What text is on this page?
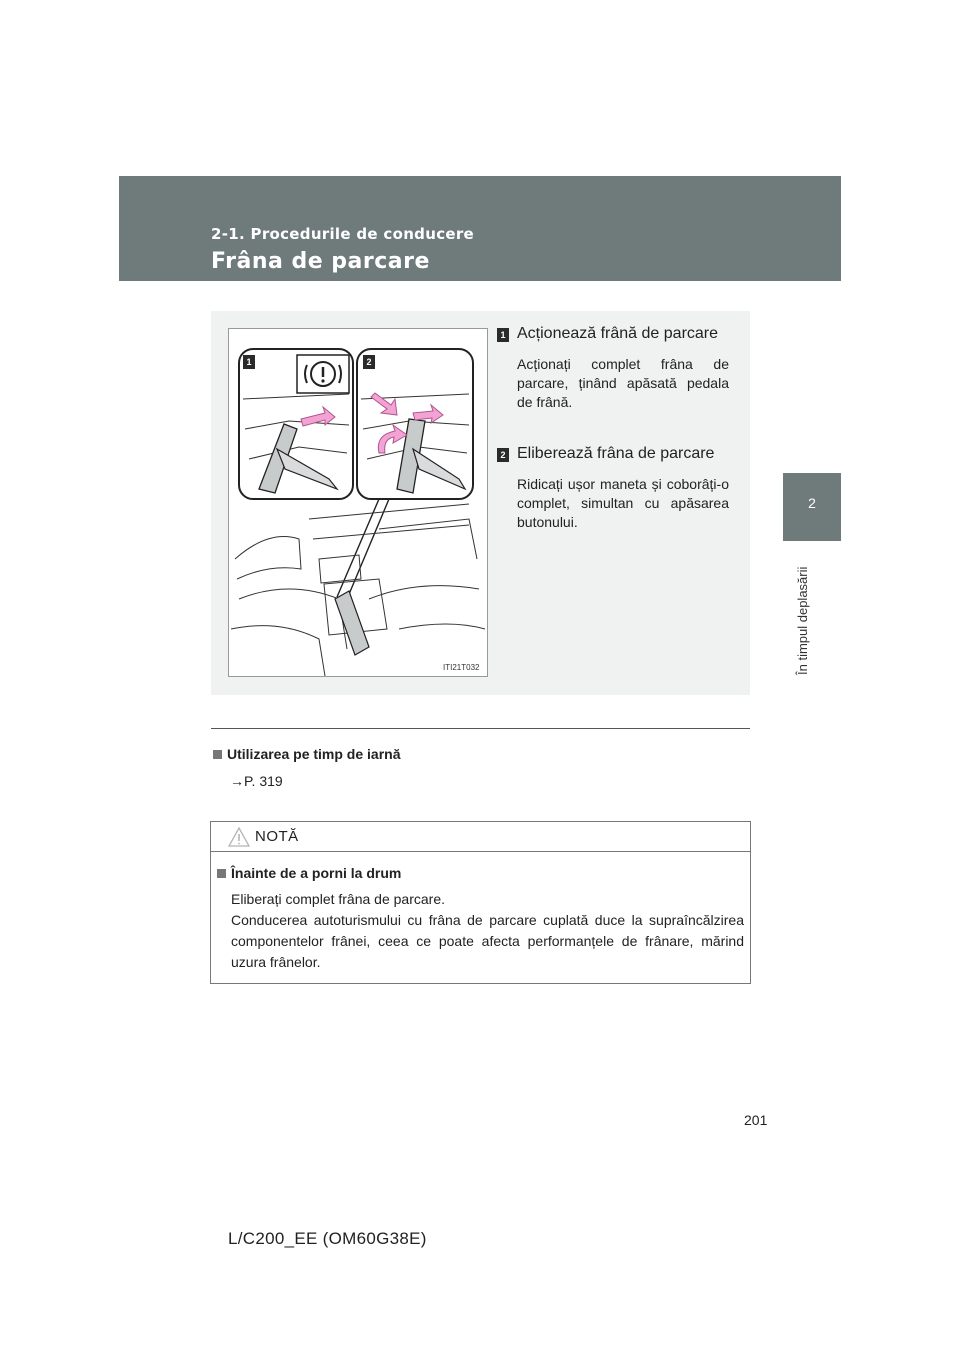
2-1. Procedurile de conducere
Frâna de parcare
2
În timpul deplasării
1	2
ITI21T032
1 Acționează frână de parcare
Acționați complet frâna de parcare, ținând apăsată pedala de frână.
2 Eliberează frâna de parcare
Ridicați ușor maneta și coborâți-o complet, simultan cu apăsarea butonului.
Utilizarea pe timp de iarnă
→P. 319
NOTĂ
Înainte de a porni la drum

Eliberați complet frâna de parcare.

Conducerea autoturismului cu frâna de parcare cuplată duce la supraîncălzirea componentelor frânei, ceea ce poate afecta performanțele de frânare, mărind uzura frânelor.

201
L/C200_EE (OM60G38E)
